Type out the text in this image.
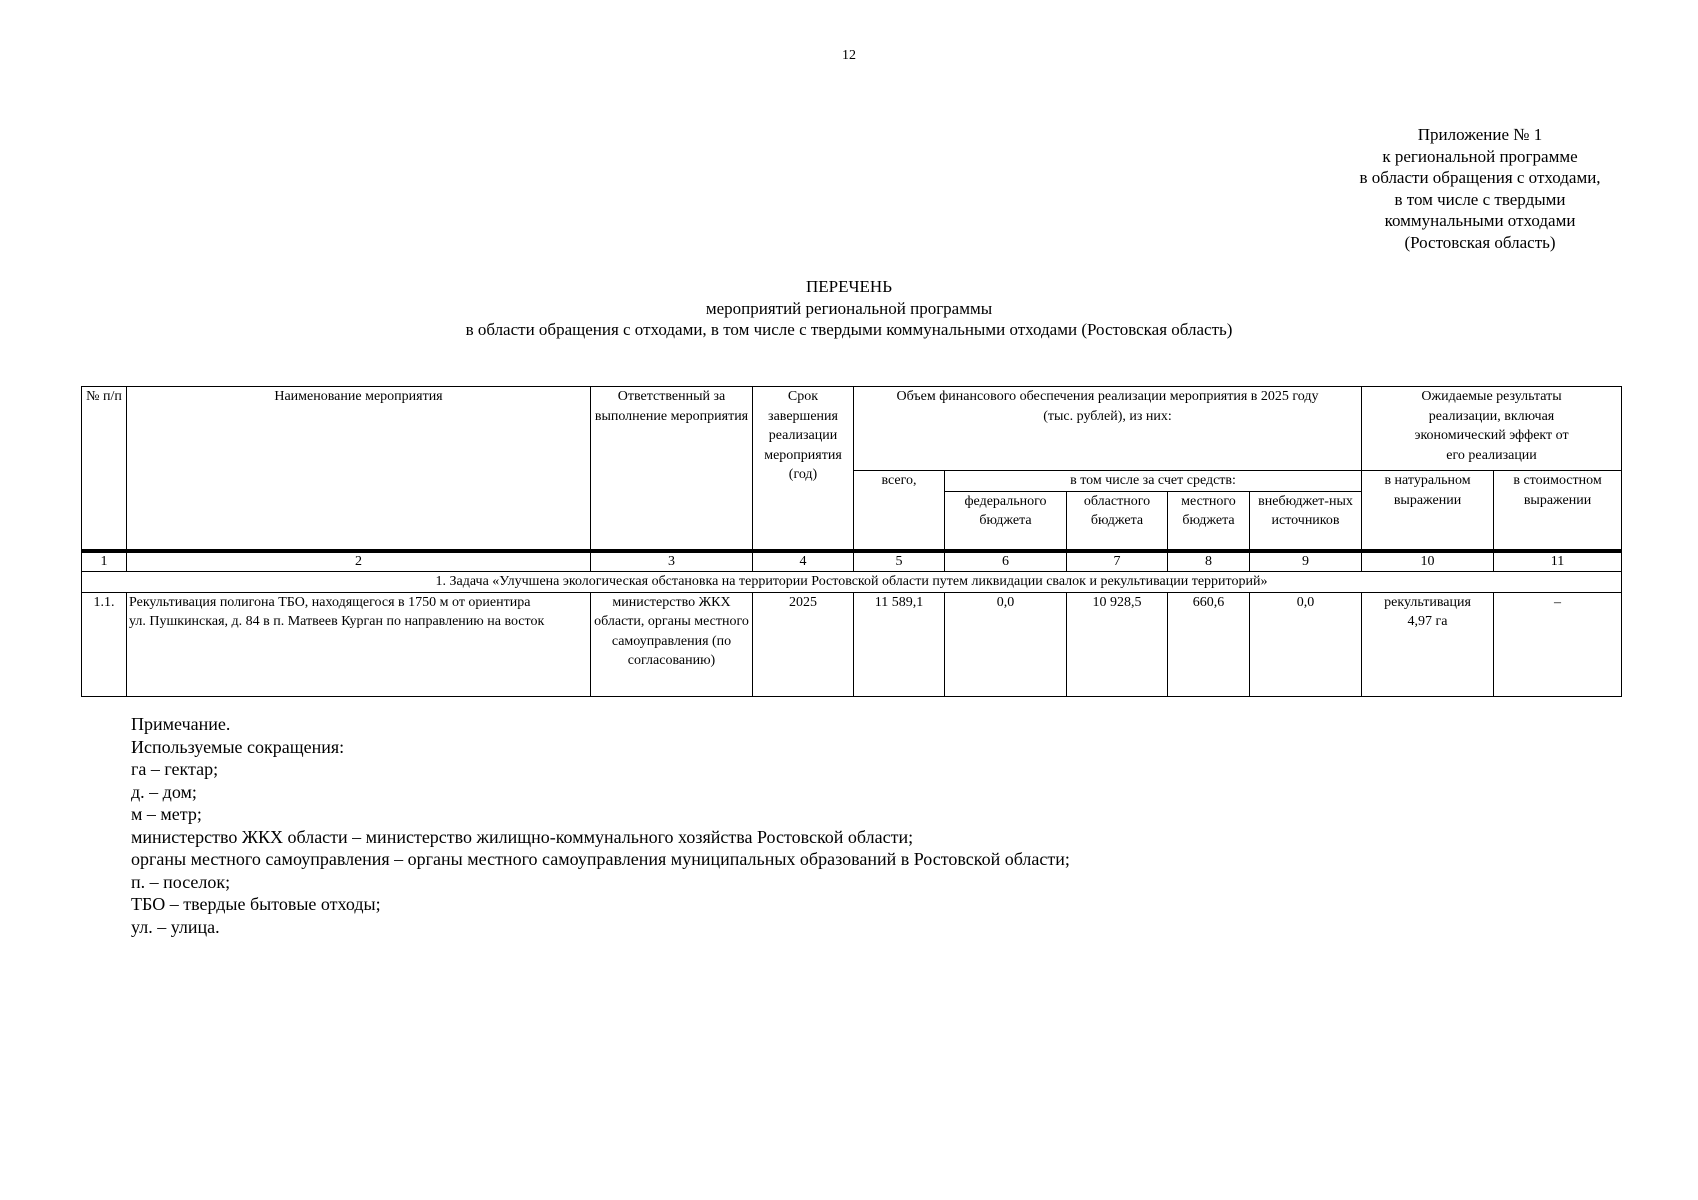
12
Приложение № 1
к региональной программе
в области обращения с отходами,
в том числе с твердыми
коммунальными отходами
(Ростовская область)
ПЕРЕЧЕНЬ
мероприятий региональной программы
в области обращения с отходами, в том числе с твердыми коммунальными отходами (Ростовская область)
№ п/п	Наименование мероприятия	Ответственный за выполнение мероприятия	Срок завершения реализации мероприятия (год)	Объем финансового обеспечения реализации мероприятия в 2025 году (тыс. рублей), из них:					Ожидаемые результаты реализации, включая экономический эффект от его реализации	
				всего,	в том числе за счет средств:				в натуральном выражении	в стоимостном выражении
					федерального бюджета	областного бюджета	местного бюджета	внебюджет-ных источников		
1	2	3	4	5	6	7	8	9	10	11
1. Задача «Улучшена экологическая обстановка на территории Ростовской области путем ликвидации свалок и рекультивации территорий»										
1.1.	Рекультивация полигона ТБО, находящегося в 1750 м от ориентира ул. Пушкинская, д. 84 в п. Матвеев Курган по направлению на восток	министерство ЖКХ области, органы местного самоуправления (по согласованию)	2025	11 589,1	0,0	10 928,5	660,6	0,0	рекультивация 4,97 га	–
Примечание.
Используемые сокращения:
га – гектар;
д. – дом;
м – метр;
министерство ЖКХ области – министерство жилищно-коммунального хозяйства Ростовской области;
органы местного самоуправления – органы местного самоуправления муниципальных образований в Ростовской области;
п. – поселок;
ТБО – твердые бытовые отходы;
ул. – улица.
